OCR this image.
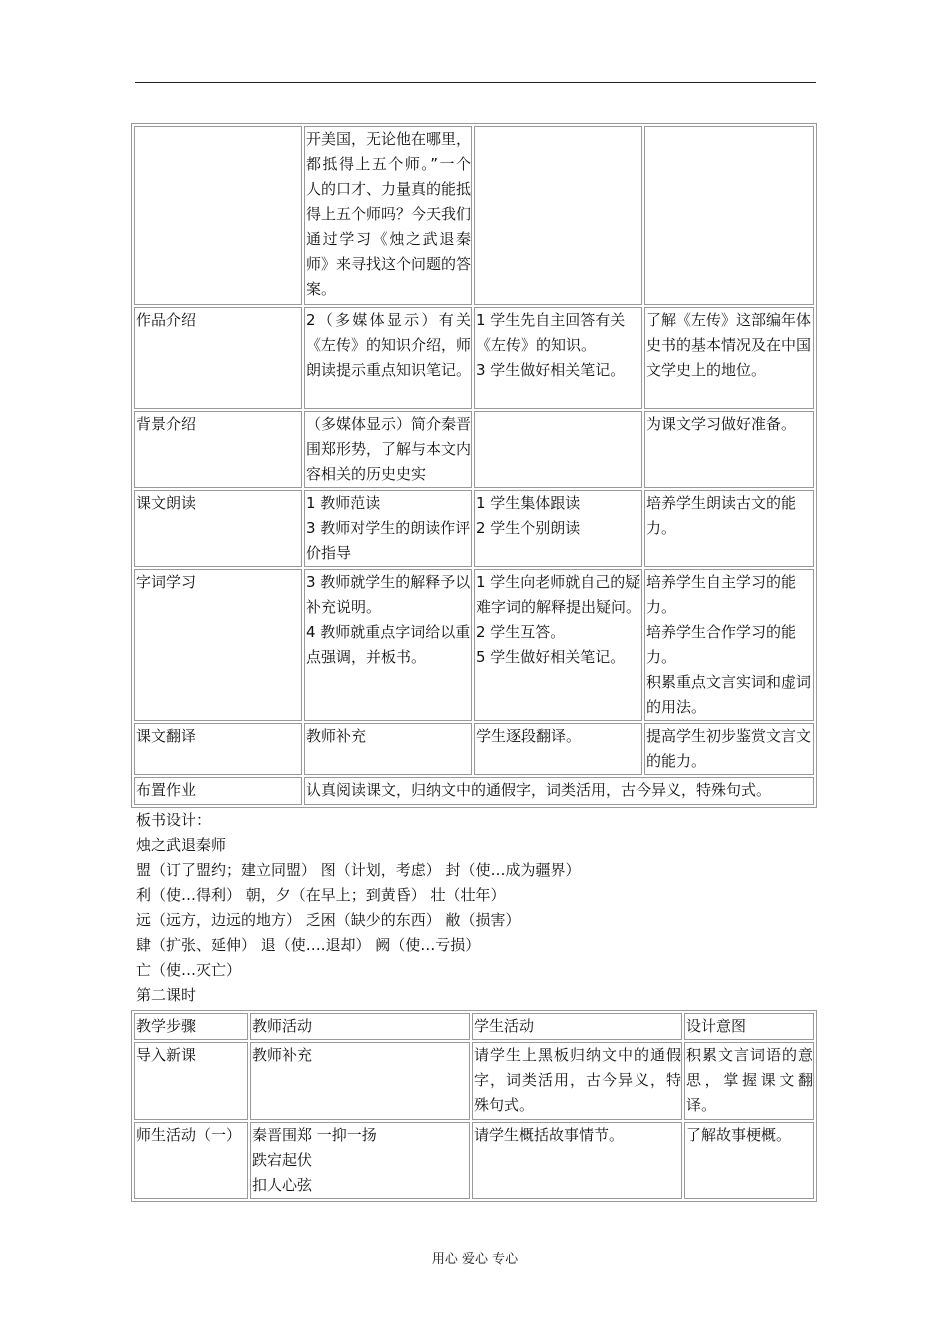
	开美国，无论他在哪里，都抵得上五个师。”一个人的口才、力量真的能抵得上五个师吗？今天我们通过学习《烛之武退秦师》来寻找这个问题的答案。		

作品介绍	2（多媒体显示）有关《左传》的知识介绍，师朗读提示重点知识笔记。	1 学生先自主回答有关《左传》的知识。
3 学生做好相关笔记。	了解《左传》这部编年体史书的基本情况及在中国文学史上的地位。

背景介绍	（多媒体显示）简介秦晋围郑形势，了解与本文内容相关的历史史实		为课文学习做好准备。

课文朗读	1 教师范读
3 教师对学生的朗读作评价指导	1 学生集体跟读
2 学生个别朗读	培养学生朗读古文的能力。

字词学习	3 教师就学生的解释予以补充说明。
4 教师就重点字词给以重点强调，并板书。	1 学生向老师就自己的疑难字词的解释提出疑问。
2 学生互答。
5 学生做好相关笔记。	培养学生自主学习的能力。
培养学生合作学习的能力。
积累重点文言实词和虚词的用法。

课文翻译	教师补充	学生逐段翻译。	提高学生初步鉴赏文言文的能力。

布置作业	认真阅读课文，归纳文中的通假字，词类活用，古今异义，特殊句式。		
板书设计：
烛之武退秦师
盟（订了盟约；建立同盟） 图（计划，考虑） 封（使…成为疆界）
利（使…得利） 朝，夕（在早上；到黄昏） 壮（壮年）
远（远方，边远的地方） 乏困（缺少的东西） 敝（损害）
肆（扩张、延伸） 退（使….退却） 阙（使…亏损）
亡（使…灭亡）
第二课时
教学步骤	教师活动	学生活动	设计意图
导入新课	教师补充	请学生上黑板归纳文中的通假字，词类活用，古今异义，特殊句式。	积累文言词语的意思，掌握课文翻译。

师生活动（一）	秦晋围郑 一抑一扬
跌宕起伏
扣人心弦	请学生概括故事情节。	了解故事梗概。
用心 爱心 专心
